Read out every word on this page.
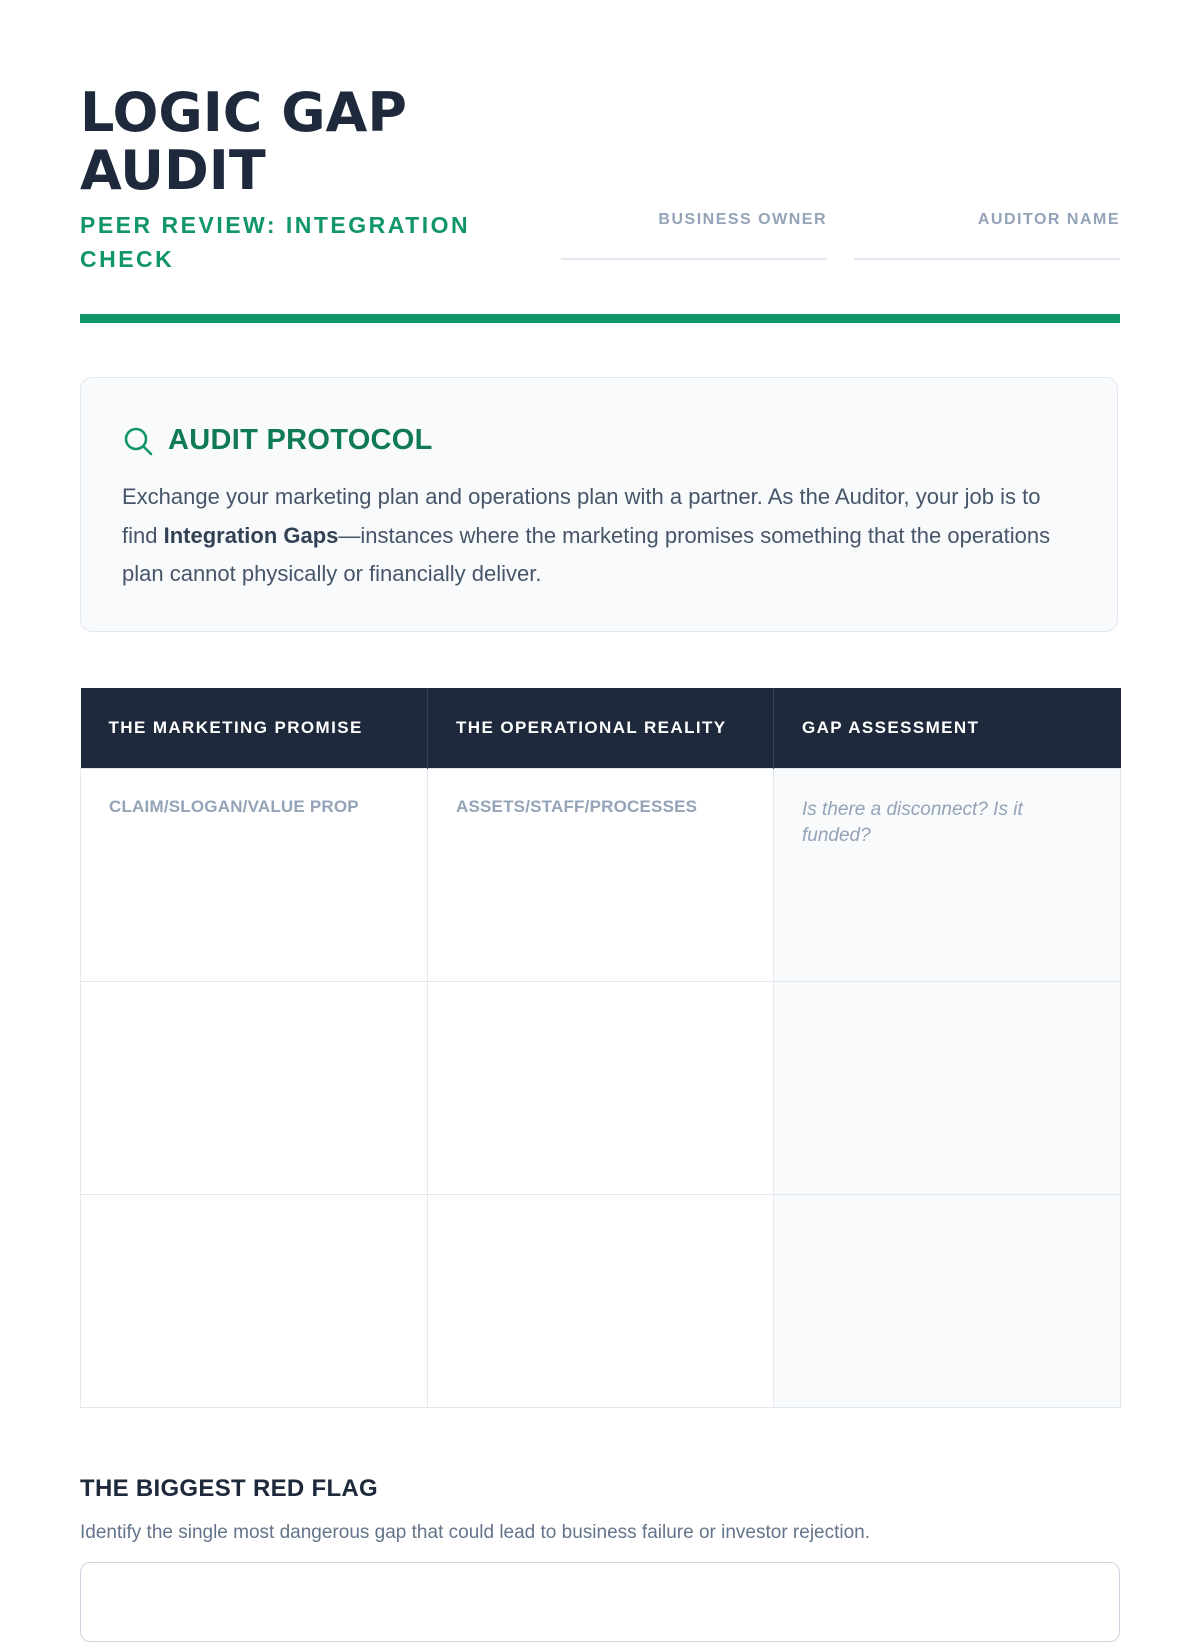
LOGIC GAP AUDIT
PEER REVIEW: INTEGRATION CHECK
BUSINESS OWNER	AUDITOR NAME
AUDIT PROTOCOL
Exchange your marketing plan and operations plan with a partner. As the Auditor, your job is to find Integration Gaps—instances where the marketing promises something that the operations plan cannot physically or financially deliver.
THE MARKETING PROMISE	THE OPERATIONAL REALITY	GAP ASSESSMENT

CLAIM/SLOGAN/VALUE PROP	ASSETS/STAFF/PROCESSES	Is there a disconnect? Is it funded?

THE BIGGEST RED FLAG
Identify the single most dangerous gap that could lead to business failure or investor rejection.
